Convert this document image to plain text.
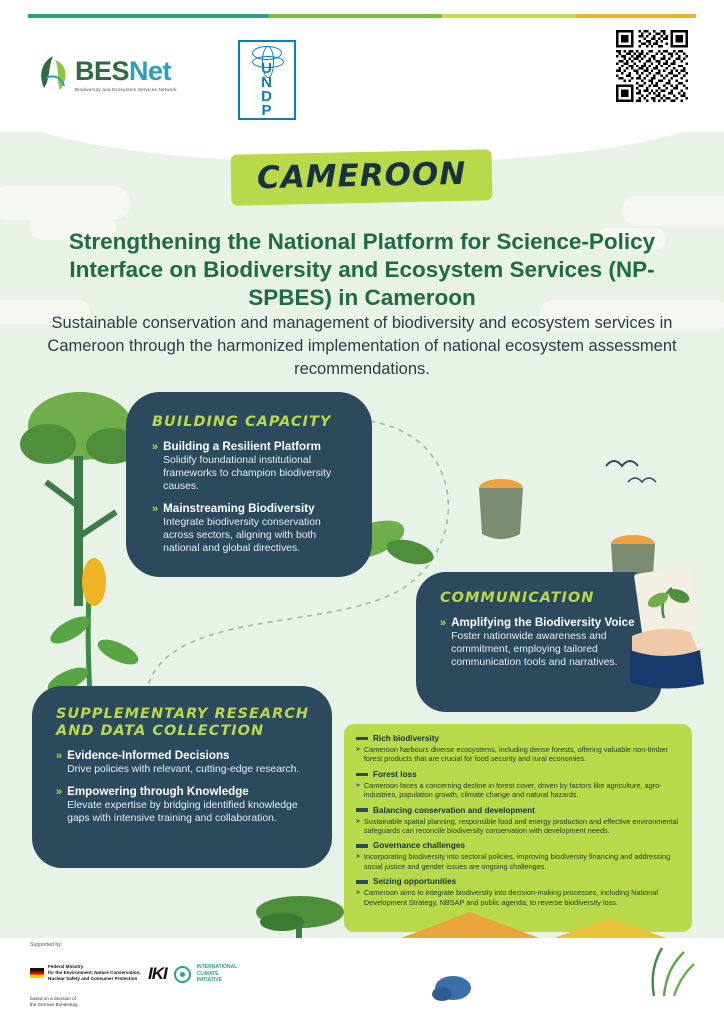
BESNet
Biodiversity and Ecosystem Services Network
U
N
D
P
CAMEROON
Strengthening the National Platform for Science-Policy Interface on Biodiversity and Ecosystem Services (NP-SPBES) in Cameroon
Sustainable conservation and management of biodiversity and ecosystem services in Cameroon through the harmonized implementation of national ecosystem assessment recommendations.
BUILDING CAPACITY
» Building a Resilient Platform
Solidify foundational institutional frameworks to champion biodiversity causes.
» Mainstreaming Biodiversity
Integrate biodiversity conservation across sectors, aligning with both national and global directives.
COMMUNICATION
» Amplifying the Biodiversity Voice
Foster nationwide awareness and commitment, employing tailored communication tools and narratives.
SUPPLEMENTARY RESEARCH AND DATA COLLECTION
» Evidence-Informed Decisions
Drive policies with relevant, cutting-edge research.
» Empowering through Knowledge
Elevate expertise by bridging identified knowledge gaps with intensive training and collaboration.
Rich biodiversity
» Cameroon harbours diverse ecosystems, including dense forests, offering valuable non-timber forest products that are crucial for food security and rural economies.
Forest loss
» Cameroon faces a concerning decline in forest cover, driven by factors like agriculture, agro-industries, population growth, climate change and natural hazards.
Balancing conservation and development
» Sustainable spatial planning, responsible food and energy production and effective environmental safeguards can reconcile biodiversity conservation with development needs.
Governance challenges
» Incorporating biodiversity into sectoral policies, improving biodiversity financing and addressing social justice and gender issues are ongoing challenges.
Seizing opportunities
» Cameroon aims to integrate biodiversity into decision-making processes, including National Development Strategy, NBSAP and public agenda, to reverse biodiversity loss.
Supported by:
Federal Ministry
for the Environment, Nature Conservation,
Nuclear Safety and Consumer Protection
based on a decision of
the German Bundestag
IKI	INTERNATIONAL
CLIMATE
INITIATIVE
